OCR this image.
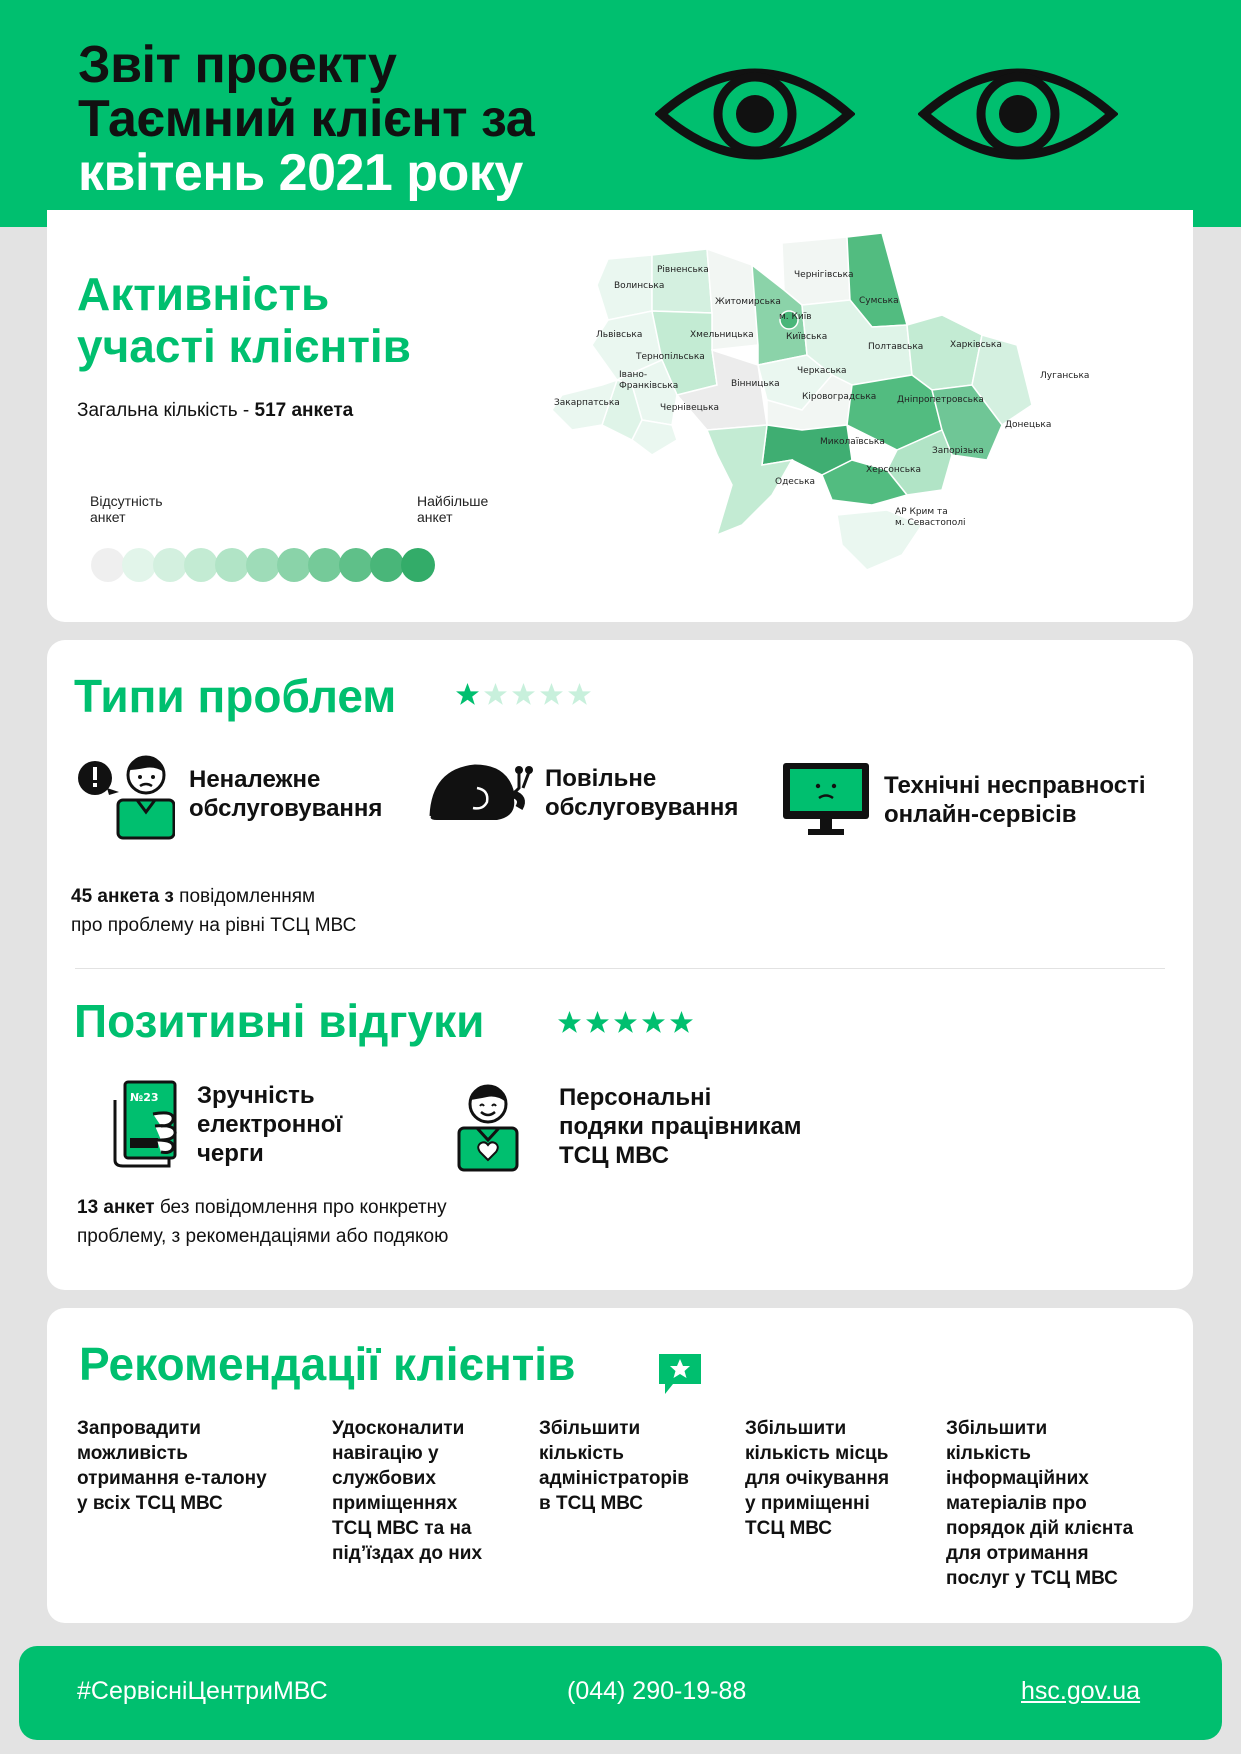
Звіт проекту
Таємний клієнт за
квітень 2021 року
Активність
участі клієнтів
Загальна кількість - 517 анкета
Відсутність
анкет
Найбільше
анкет
Волинська
Рівненська	Чернігівська
Сумська
Житомирська
м. Київ
Львівська	Хмельницька	Київська
Полтавська	Харківська
Тернопільська
Черкаська
Івано-
Франківська	Вінницька
Луганська
Закарпатська	Чернівецька
Кіровоградська Дніпропетровська
Донецька
Миколаївська
Запорізька
Одеська
Херсонська
АР Крим та
м. Севастополі
Типи проблем
Неналежне
обслуговування
Повільне
обслуговування
Технічні несправності
онлайн-сервісів
45 анкета з повідомленням
про проблему на рівні ТСЦ МВС
Позитивні відгуки
№23 Зручність
електронної
черги
Персональні
подяки працівникам
ТСЦ МВС
13 анкет без повідомлення про конкретну
проблему, з рекомендаціями або подякою
Рекомендації клієнтів
Запровадити
можливість
отримання е-талону
у всіх ТСЦ МВС
Удосконалити
навігацію у
службових
приміщеннях
ТСЦ МВС та на
під’їздах до них
Збільшити
кількість
адміністраторів
в ТСЦ МВС
Збільшити
кількість місць
для очікування
у приміщенні
ТСЦ МВС
Збільшити
кількість
інформаційних
матеріалів про
порядок дій клієнта
для отримання
послуг у ТСЦ МВС
#СервісніЦентриМВС	(044) 290-19-88	hsc.gov.ua
